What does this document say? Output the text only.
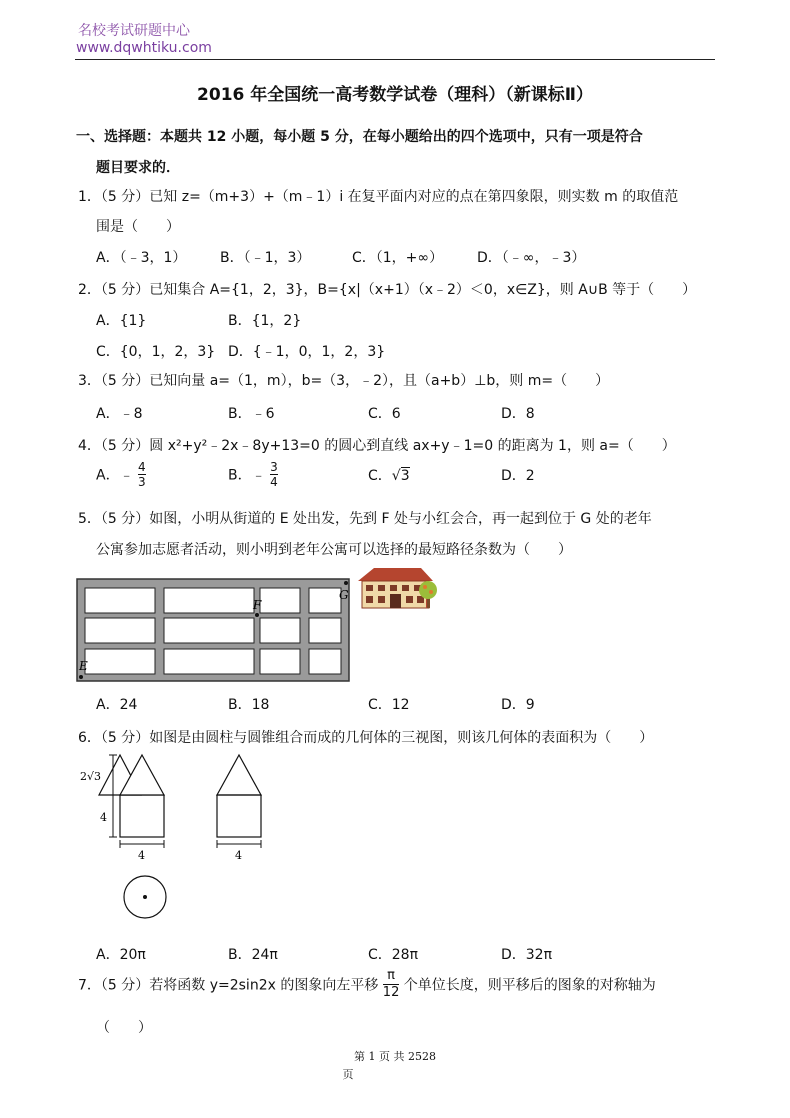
名校考试研题中心
www.dqwhtiku.com
2016 年全国统一高考数学试卷（理科）（新课标Ⅱ）
一、选择题：本题共 12 小题，每小题 5 分，在每小题给出的四个选项中，只有一项是符合
题目要求的．
1．（5 分）已知 z=（m+3）+（m﹣1）i 在复平面内对应的点在第四象限，则实数 m 的取值范
围是（　　）
A．（﹣3，1） B．（﹣1，3）	C．（1，+∞） D．（﹣∞，﹣3）
2．（5 分）已知集合 A={1，2，3}，B={x|（x+1）（x﹣2）＜0，x∈Z}，则 A∪B 等于（　　）
A．{1}	B．{1，2}
C．{0，1，2，3} D．{﹣1，0，1，2，3}
3．（5 分）已知向量 a=（1，m），b=（3，﹣2），且（a+b）⊥b，则 m=（　　）
A．﹣8	B．﹣6	C．6	D．8
4．（5 分）圆 x²+y²﹣2x﹣8y+13=0 的圆心到直线 ax+y﹣1=0 的距离为 1，则 a=（　　）
A．﹣ $\frac{4}{3}$	B．﹣ $\frac{3}{4}$	C．√3	D．2
5．（5 分）如图，小明从街道的 E 处出发，先到 F 处与小红会合，再一起到位于 G 处的老年
公寓参加志愿者活动，则小明到老年公寓可以选择的最短路径条数为（　　）
E
F
G
A．24	B．18	C．12	D．9
6．（5 分）如图是由圆柱与圆锥组合而成的几何体的三视图，则该几何体的表面积为（　　）
2√3
4
4	4
A．20π	B．24π	C．28π	D．32π
7．（5 分）若将函数 y=2sin2x 的图象向左平移 $\frac{\pi}{12}$ 个单位长度，则平移后的图象的对称轴为
（　　）
第 1 页 共 2528
页
